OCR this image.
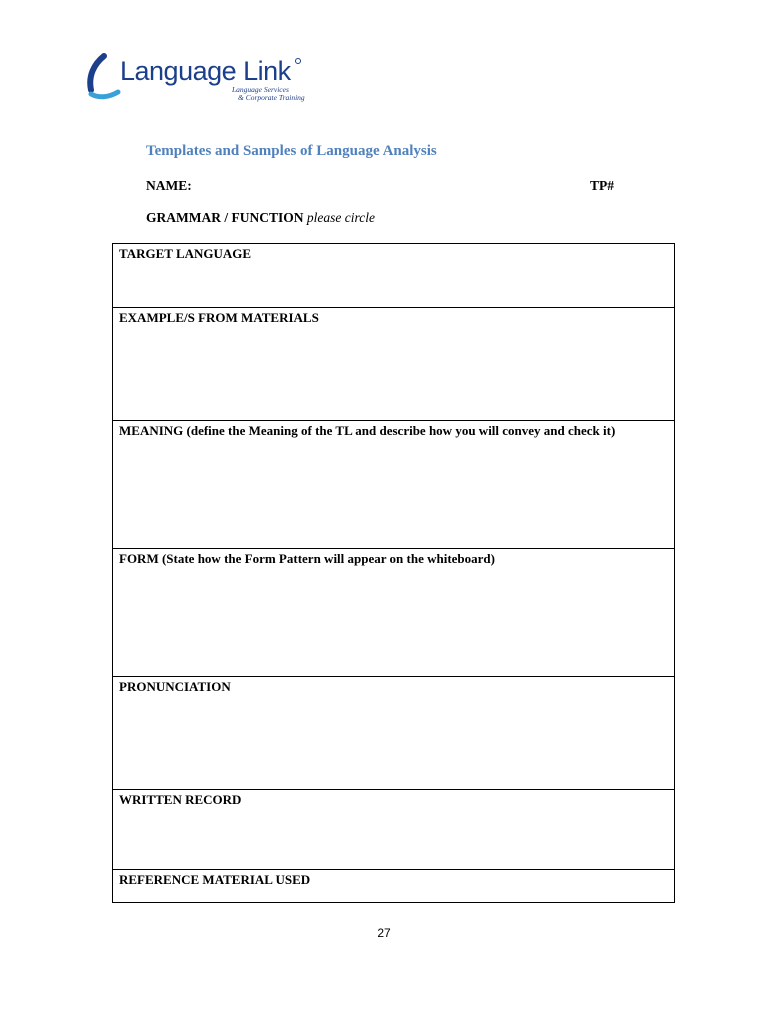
Language Link
Language Services
& Corporate Training
Templates and Samples of Language Analysis
NAME:	TP#
GRAMMAR / FUNCTION please circle
TARGET LANGUAGE
EXAMPLE/S FROM MATERIALS
MEANING (define the Meaning of the TL and describe how you will convey and check it)
FORM (State how the Form Pattern will appear on the whiteboard)
PRONUNCIATION
WRITTEN RECORD
REFERENCE MATERIAL USED
27
